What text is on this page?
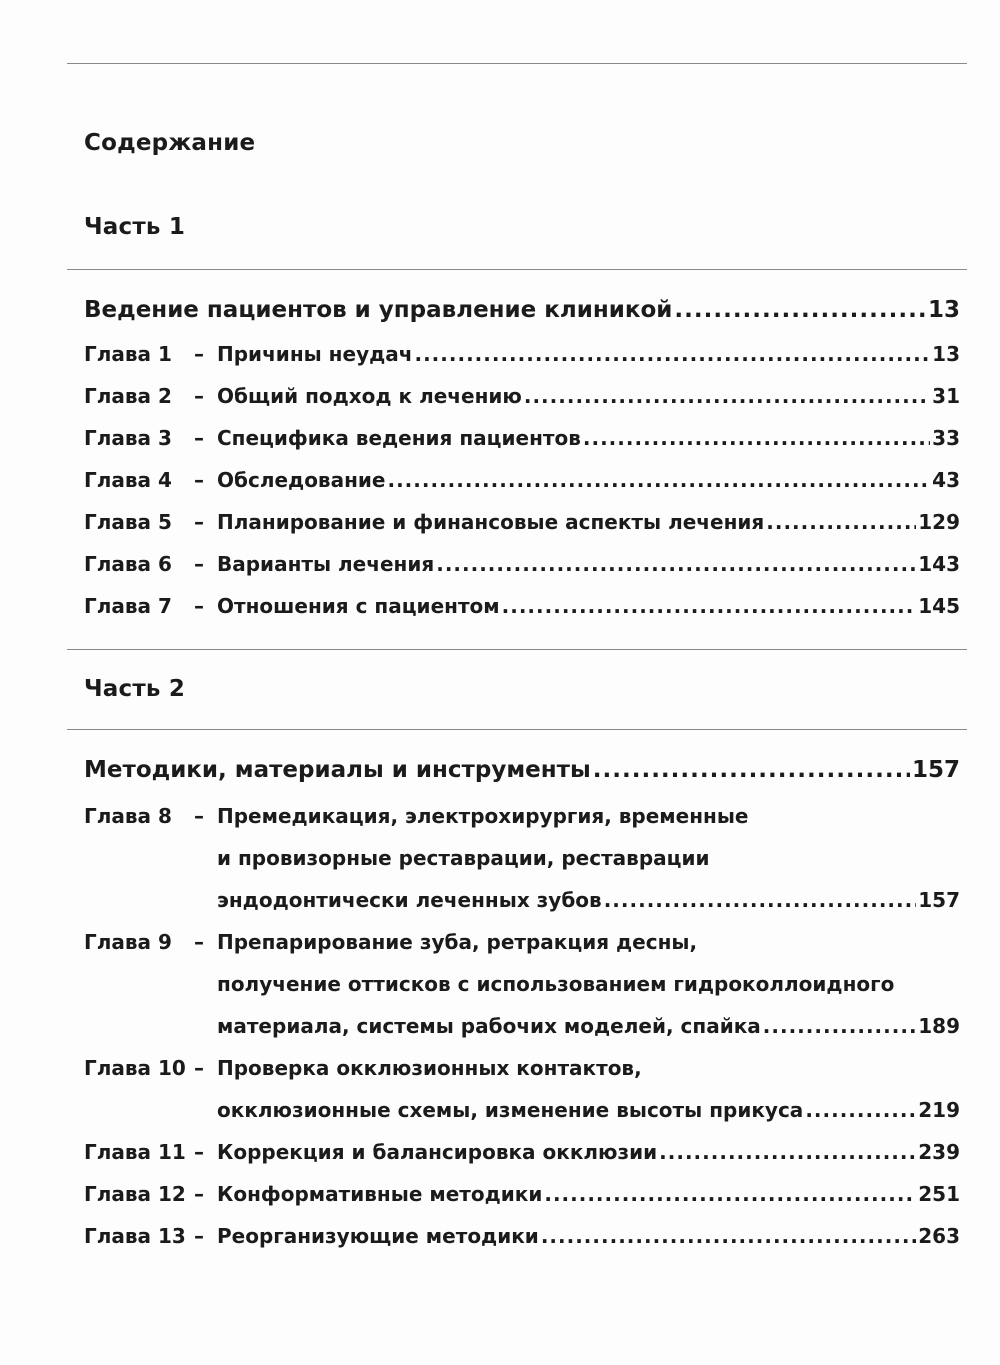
Содержание
Часть 1
Ведение пациентов и управление клиникой .....	13
Глава 1	– Причины неудач .....	13
Глава 2	– Общий подход к лечению .....	31
Глава 3	– Специфика ведения пациентов .....	33
Глава 4	– Обследование .....	43
Глава 5	– Планирование и финансовые аспекты лечения .....	129
Глава 6	– Варианты лечения .....	143
Глава 7	– Отношения с пациентом .....	145
Часть 2
Методики, материалы и инструменты .....	157
Глава 8	– Премедикация, электрохирургия, временные
и провизорные реставрации, реставрации
эндодонтически леченных зубов .....	157
Глава 9	– Препарирование зуба, ретракция десны,
получение оттисков с использованием гидроколлоидного
материала, системы рабочих моделей, спайка .....	189
Глава 10 – Проверка окклюзионных контактов,
окклюзионные схемы, изменение высоты прикуса .....	219
Глава 11 – Коррекция и балансировка окклюзии .....	239
Глава 12 – Конформативные методики .....	251
Глава 13 – Реорганизующие методики .....	263
